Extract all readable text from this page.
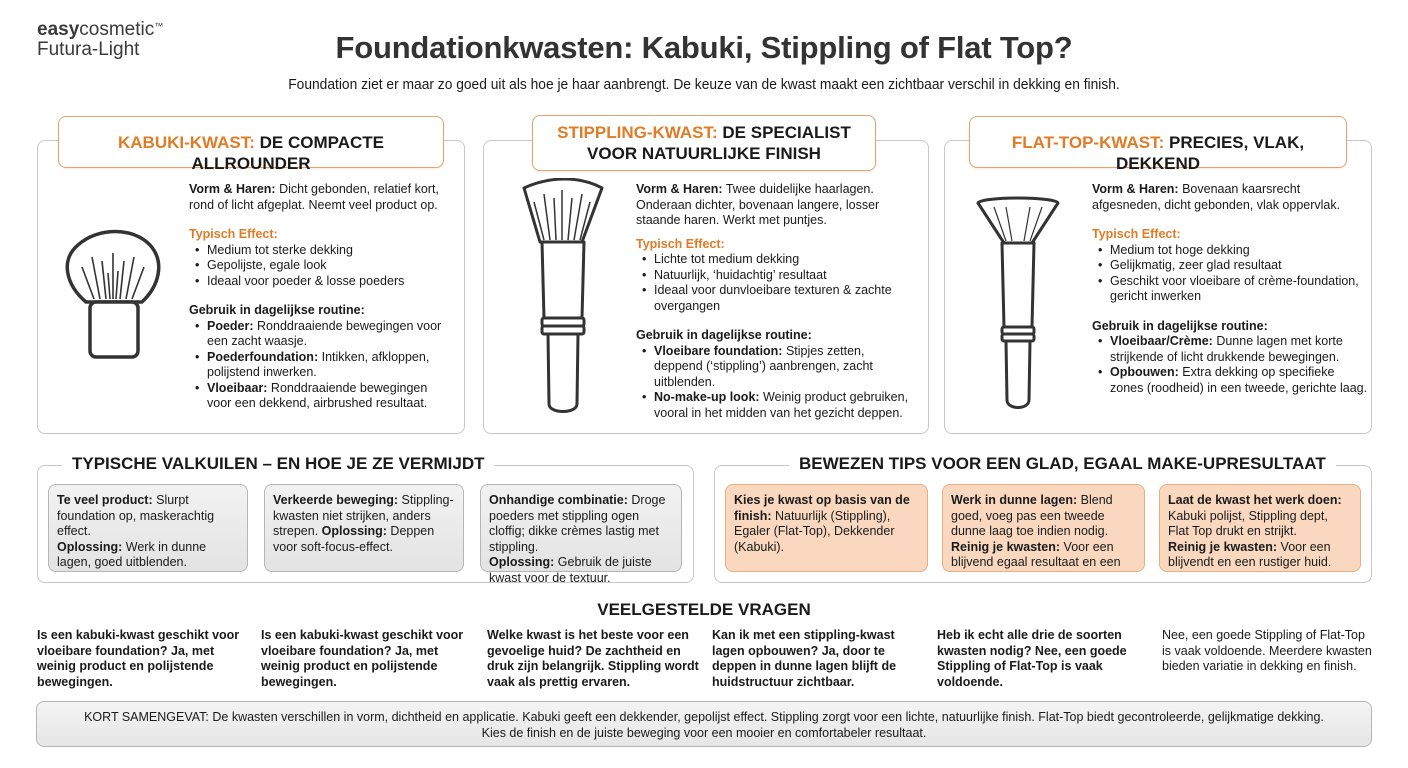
easycosmetic™
Futura-Light	Foundationkwasten: Kabuki, Stippling of Flat Top?
Foundation ziet er maar zo goed uit als hoe je haar aanbrengt. De keuze van de kwast maakt een zichtbaar verschil in dekking en finish.
KABUKI-KWAST: DE COMPACTE ALLROUNDER
Vorm & Haren: Dicht gebonden, relatief kort, rond of licht afgeplat. Neemt veel product op.
Typisch Effect:
• Medium tot sterke dekking
• Gepolijste, egale look
• Ideaal voor poeder & losse poeders
Gebruik in dagelijkse routine:
• Poeder: Ronddraaiende bewegingen voor een zacht waasje.
• Poederfoundation: Intikken, afkloppen, polijstend inwerken.
• Vloeibaar: Ronddraaiende bewegingen voor een dekkend, airbrushed resultaat.
STIPPLING-KWAST: DE SPECIALIST VOOR NATUURLIJKE FINISH
Vorm & Haren: Twee duidelijke haarlagen. Onderaan dichter, bovenaan langere, losser staande haren. Werkt met puntjes.
Typisch Effect:
• Lichte tot medium dekking
• Natuurlijk, ‘huidachtig’ resultaat
• Ideaal voor dunvloeibare texturen & zachte overgangen
Gebruik in dagelijkse routine:
• Vloeibare foundation: Stipjes zetten, deppend (‘stippling’) aanbrengen, zacht uitblenden.
• No-make-up look: Weinig product gebruiken, vooral in het midden van het gezicht deppen.
FLAT-TOP-KWAST: PRECIES, VLAK, DEKKEND
Vorm & Haren: Bovenaan kaarsrecht afgesneden, dicht gebonden, vlak oppervlak.
Typisch Effect:
• Medium tot hoge dekking
• Gelijkmatig, zeer glad resultaat
• Geschikt voor vloeibare of crème-foundation, gericht inwerken
Gebruik in dagelijkse routine:
• Vloeibaar/Crème: Dunne lagen met korte strijkende of licht drukkende bewegingen.
• Opbouwen: Extra dekking op specifieke zones (roodheid) in een tweede, gerichte laag.
TYPISCHE VALKUILEN – EN HOE JE ZE VERMIJDT
Te veel product: Slurpt foundation op, maskerachtig effect.
Oplossing: Werk in dunne lagen, goed uitblenden.
Verkeerde beweging: Stippling-kwasten niet strijken, anders strepen. Oplossing: Deppen voor soft-focus-effect.
Onhandige combinatie: Droge poeders met stippling ogen cloffig; dikke crèmes lastig met stippling.
Oplossing: Gebruik de juiste kwast voor de textuur.
BEWEZEN TIPS VOOR EEN GLAD, EGAAL MAKE-UPRESULTAAT
Kies je kwast op basis van de finish: Natuurlijk (Stippling), Egaler (Flat-Top), Dekkender (Kabuki).
Werk in dunne lagen: Blend goed, voeg pas een tweede dunne laag toe indien nodig.
Reinig je kwasten: Voor een blijvend egaal resultaat en een
Laat de kwast het werk doen: Kabuki polijst, Stippling dept, Flat Top drukt en strijkt.
Reinig je kwasten: Voor een blijvendt en een rustiger huid.
VEELGESTELDE VRAGEN
Is een kabuki-kwast geschikt voor vloeibare foundation? Ja, met weinig product en polijstende bewegingen.
Is een kabuki-kwast geschikt voor vloeibare foundation? Ja, met weinig product en polijstende bewegingen.
Welke kwast is het beste voor een gevoelige huid? De zachtheid en druk zijn belangrijk. Stippling wordt vaak als prettig ervaren.
Kan ik met een stippling-kwast lagen opbouwen? Ja, door te deppen in dunne lagen blijft de huidstructuur zichtbaar.
Heb ik echt alle drie de soorten kwasten nodig? Nee, een goede Stippling of Flat-Top is vaak voldoende.
Nee, een goede Stippling of Flat-Top is vaak voldoende. Meerdere kwasten bieden variatie in dekking en finish.
KORT SAMENGEVAT: De kwasten verschillen in vorm, dichtheid en applicatie. Kabuki geeft een dekkender, gepolijst effect. Stippling zorgt voor een lichte, natuurlijke finish. Flat-Top biedt gecontroleerde, gelijkmatige dekking.
Kies de finish en de juiste beweging voor een mooier en comfortabeler resultaat.
